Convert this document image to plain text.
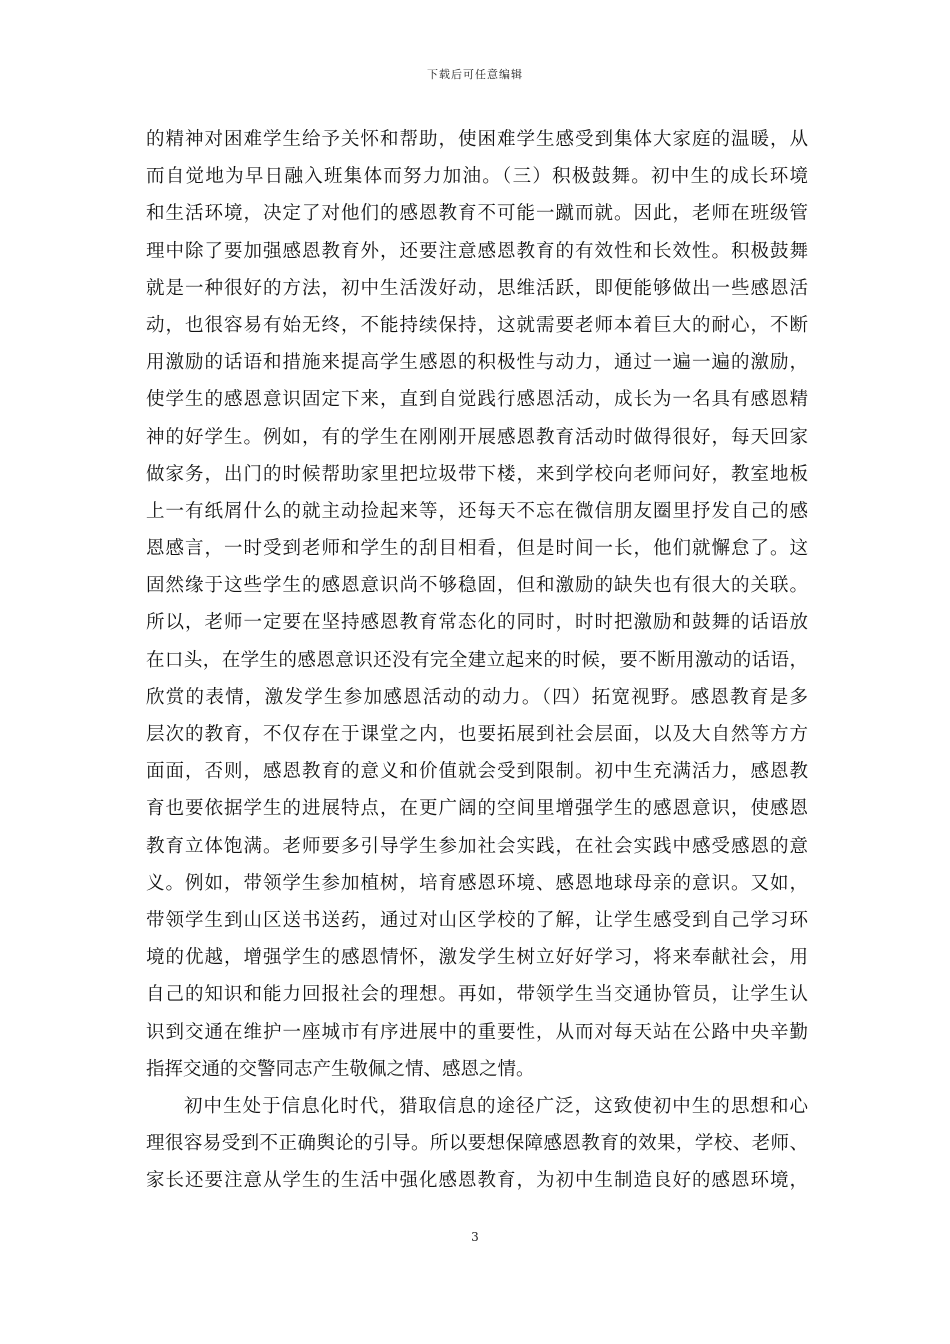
下载后可任意编辑
的精神对困难学生给予关怀和帮助，使困难学生感受到集体大家庭的温暖，从
而自觉地为早日融入班集体而努力加油。（三）积极鼓舞。初中生的成长环境
和生活环境，决定了对他们的感恩教育不可能一蹴而就。因此，老师在班级管
理中除了要加强感恩教育外，还要注意感恩教育的有效性和长效性。积极鼓舞
就是一种很好的方法，初中生活泼好动，思维活跃，即便能够做出一些感恩活
动，也很容易有始无终，不能持续保持，这就需要老师本着巨大的耐心，不断
用激励的话语和措施来提高学生感恩的积极性与动力，通过一遍一遍的激励，
使学生的感恩意识固定下来，直到自觉践行感恩活动，成长为一名具有感恩精
神的好学生。例如，有的学生在刚刚开展感恩教育活动时做得很好，每天回家
做家务，出门的时候帮助家里把垃圾带下楼，来到学校向老师问好，教室地板
上一有纸屑什么的就主动捡起来等，还每天不忘在微信朋友圈里抒发自己的感
恩感言，一时受到老师和学生的刮目相看，但是时间一长，他们就懈怠了。这
固然缘于这些学生的感恩意识尚不够稳固，但和激励的缺失也有很大的关联。
所以，老师一定要在坚持感恩教育常态化的同时，时时把激励和鼓舞的话语放
在口头，在学生的感恩意识还没有完全建立起来的时候，要不断用激动的话语，
欣赏的表情，激发学生参加感恩活动的动力。（四）拓宽视野。感恩教育是多
层次的教育，不仅存在于课堂之内，也要拓展到社会层面，以及大自然等方方
面面，否则，感恩教育的意义和价值就会受到限制。初中生充满活力，感恩教
育也要依据学生的进展特点，在更广阔的空间里增强学生的感恩意识，使感恩
教育立体饱满。老师要多引导学生参加社会实践，在社会实践中感受感恩的意
义。例如，带领学生参加植树，培育感恩环境、感恩地球母亲的意识。又如，
带领学生到山区送书送药，通过对山区学校的了解，让学生感受到自己学习环
境的优越，增强学生的感恩情怀，激发学生树立好好学习，将来奉献社会，用
自己的知识和能力回报社会的理想。再如，带领学生当交通协管员，让学生认
识到交通在维护一座城市有序进展中的重要性，从而对每天站在公路中央辛勤
指挥交通的交警同志产生敬佩之情、感恩之情。
初中生处于信息化时代，猎取信息的途径广泛，这致使初中生的思想和心
理很容易受到不正确舆论的引导。所以要想保障感恩教育的效果，学校、老师、
家长还要注意从学生的生活中强化感恩教育，为初中生制造良好的感恩环境，
3
